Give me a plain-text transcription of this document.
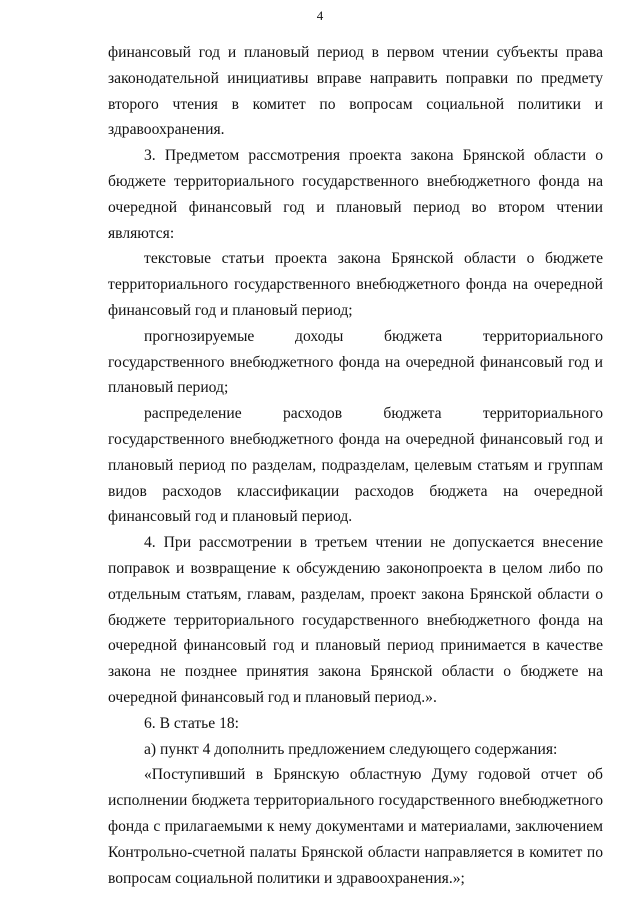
4

финансовый год и плановый период в первом чтении субъекты права законодательной инициативы вправе направить поправки по предмету второго чтения в комитет по вопросам социальной политики и здравоохранения.

3. Предметом рассмотрения проекта закона Брянской области о бюджете территориального государственного внебюджетного фонда на очередной финансовый год и плановый период во втором чтении являются:

текстовые статьи проекта закона Брянской области о бюджете территориального государственного внебюджетного фонда на очередной финансовый год и плановый период;

прогнозируемые доходы бюджета территориального государственного внебюджетного фонда на очередной финансовый год и плановый период;

распределение расходов бюджета территориального государственного внебюджетного фонда на очередной финансовый год и плановый период по разделам, подразделам, целевым статьям и группам видов расходов классификации расходов бюджета на очередной финансовый год и плановый период.

4. При рассмотрении в третьем чтении не допускается внесение поправок и возвращение к обсуждению законопроекта в целом либо по отдельным статьям, главам, разделам, проект закона Брянской области о бюджете территориального государственного внебюджетного фонда на очередной финансовый год и плановый период принимается в качестве закона не позднее принятия закона Брянской области о бюджете на очередной финансовый год и плановый период.».

6. В статье 18:

а) пункт 4 дополнить предложением следующего содержания:

«Поступивший в Брянскую областную Думу годовой отчет об исполнении бюджета территориального государственного внебюджетного фонда с прилагаемыми к нему документами и материалами, заключением Контрольно-счетной палаты Брянской области направляется в комитет по вопросам социальной политики и здравоохранения.»;
